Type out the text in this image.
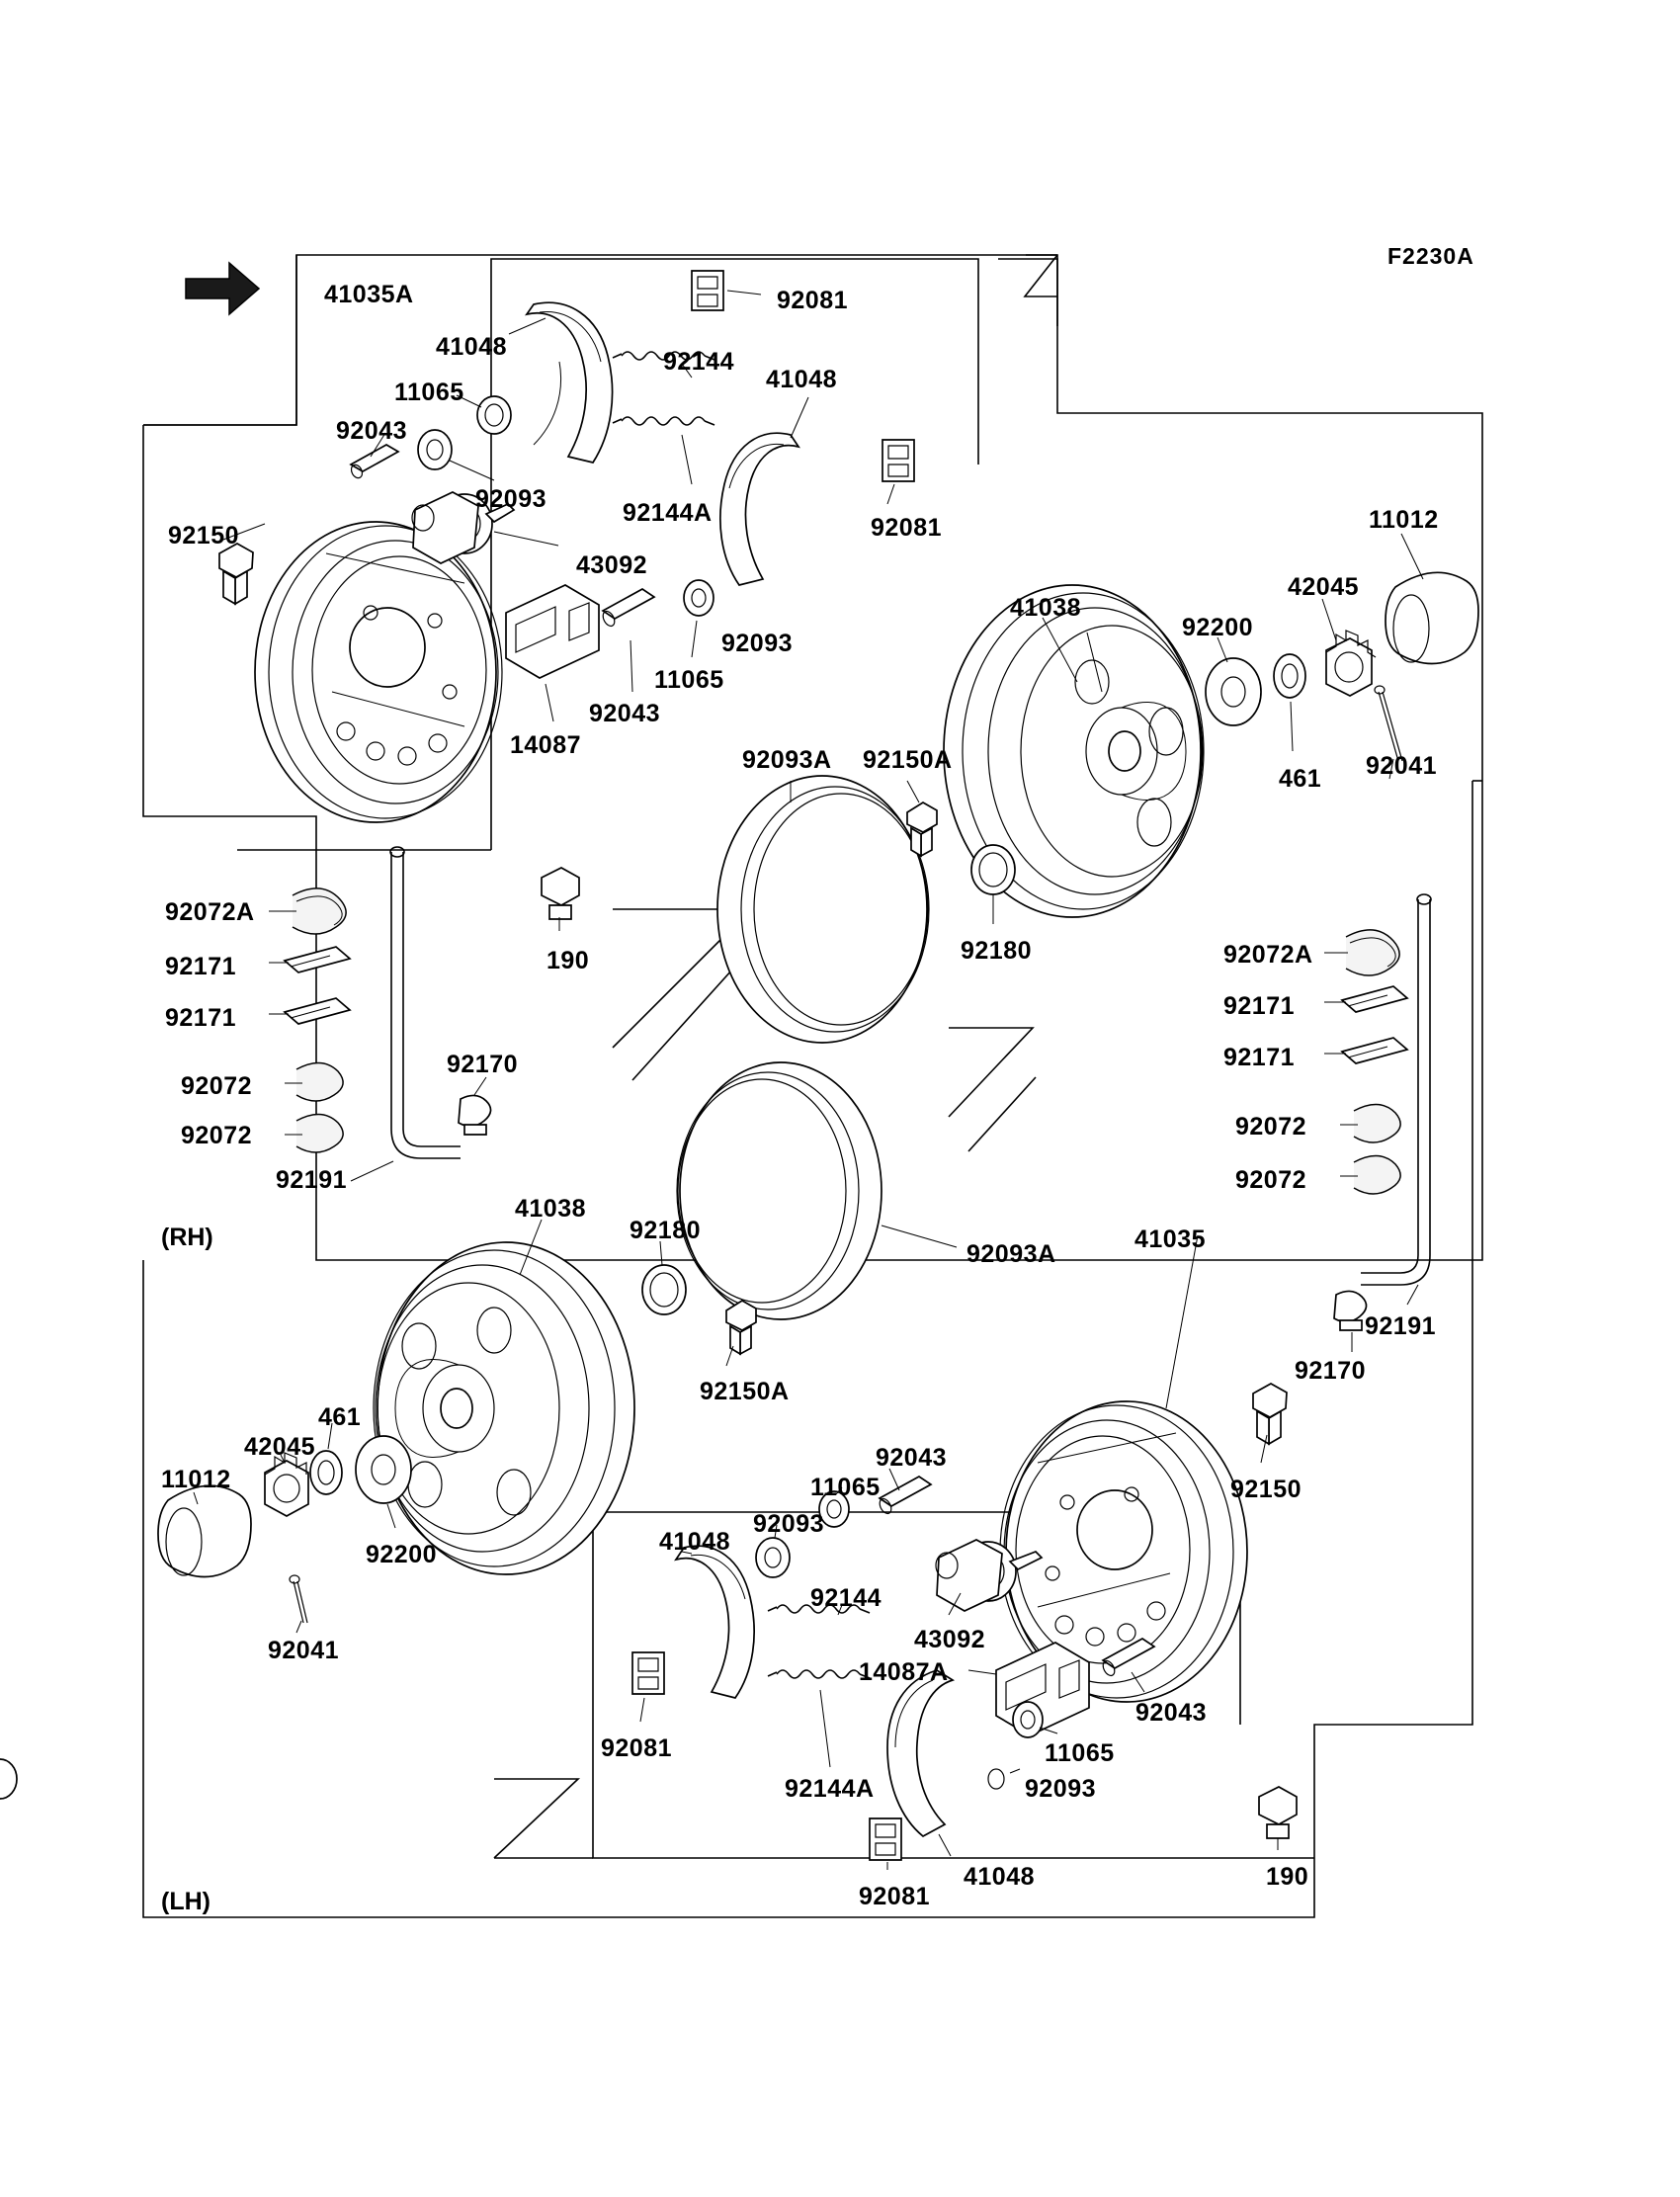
FRONT	F2230A
(RH)
(LH)
41035A	92081
41048
92144
41048
11065
92043
92093	92144A
92081
92150
11012
42045
41038
92200
43092
92093
461 92041
11065
92043
14087
92093A 92150A
92180
92072A
92171
92171
92072
92072
92170
92191
190	92072A
92171
92171
92072
92072
41038
92180
92093A
41035
92191
92170
92150A
461
42045	92043
11012	11065
92093
92150
92200	41048
92144
43092
14087A
92041
92043
11065
92081
92144A	92093
41048
92081
190
